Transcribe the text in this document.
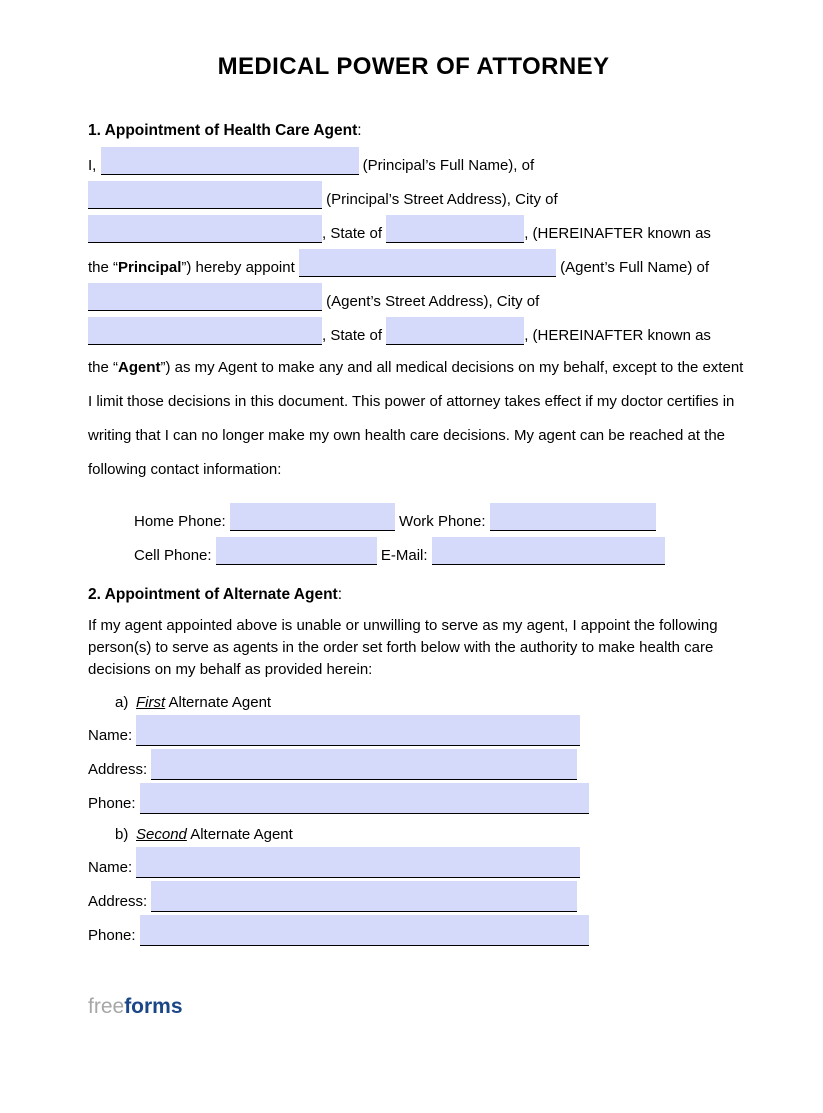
MEDICAL POWER OF ATTORNEY
1. Appointment of Health Care Agent:
I,	(Principal’s Full Name), of
(Principal’s Street Address), City of
, State of	, (HEREINAFTER known as
the “Principal”) hereby appoint	(Agent’s Full Name) of
(Agent’s Street Address), City of
, State of	, (HEREINAFTER known as
the “Agent”) as my Agent to make any and all medical decisions on my behalf, except to the extent
I limit those decisions in this document. This power of attorney takes effect if my doctor certifies in
writing that I can no longer make my own health care decisions. My agent can be reached at the
following contact information:
Home Phone:	Work Phone:
Cell Phone:	E-Mail:
2. Appointment of Alternate Agent:
If my agent appointed above is unable or unwilling to serve as my agent, I appoint the following person(s) to serve as agents in the order set forth below with the authority to make health care decisions on my behalf as provided herein:
a) First Alternate Agent
Name:
Address:
Phone:
b) Second Alternate Agent
Name:
Address:
Phone:
freeforms
